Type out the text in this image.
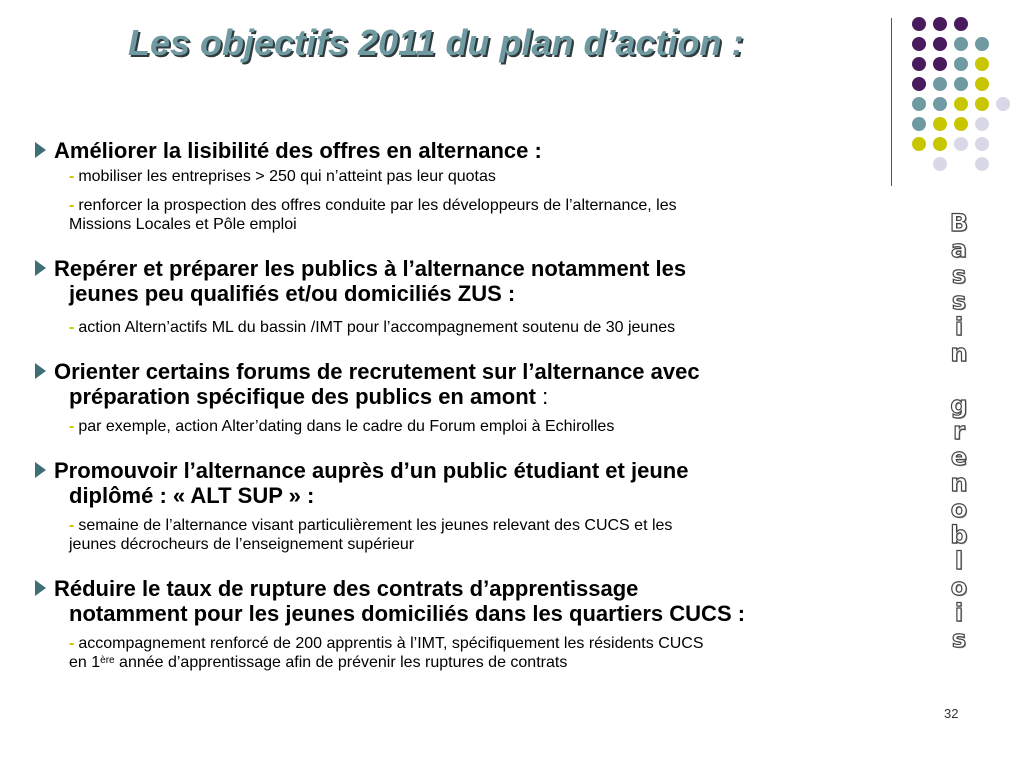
Les objectifs 2011 du plan d’action :
B
a
s
s
i
n

g
r
e
n
o
b
l
o
i
s
Améliorer la lisibilité des offres en alternance :
- mobiliser les entreprises > 250 qui n’atteint pas leur quotas
- renforcer la prospection des offres conduite par les développeurs de l’alternance, les
Missions Locales et Pôle emploi
Repérer et préparer les publics à l’alternance notamment les
jeunes peu qualifiés et/ou domiciliés ZUS :
- action Altern’actifs ML du bassin /IMT pour l’accompagnement soutenu de 30 jeunes
Orienter certains forums de recrutement sur l’alternance avec
préparation spécifique des publics en amont :
- par exemple, action Alter’dating dans le cadre du Forum emploi à Echirolles
Promouvoir l’alternance auprès d’un public étudiant et jeune
diplômé : « ALT SUP » :
- semaine de l’alternance visant particulièrement les jeunes relevant des CUCS et les
jeunes décrocheurs de l’enseignement supérieur
Réduire le taux de rupture des contrats d’apprentissage
notamment pour les jeunes domiciliés dans les quartiers CUCS :
- accompagnement renforcé de 200 apprentis à l’IMT, spécifiquement les résidents CUCS
en 1ère année d’apprentissage afin de prévenir les ruptures de contrats
32
